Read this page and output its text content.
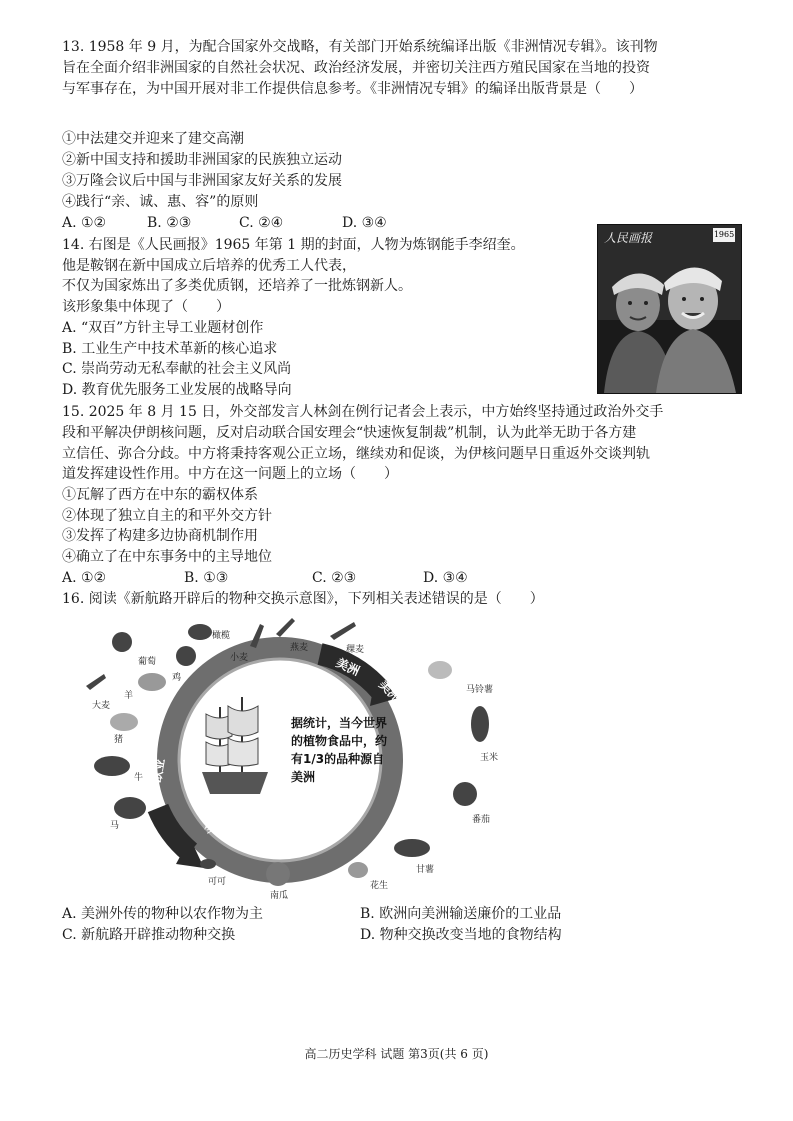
13. 1958 年 9 月，为配合国家外交战略，有关部门开始系统编译出版《非洲情况专辑》。该刊物
旨在全面介绍非洲国家的自然社会状况、政治经济发展，并密切关注西方殖民国家在当地的投资
与军事存在，为中国开展对非工作提供信息参考。《非洲情况专辑》的编译出版背景是（　　）
①中法建交并迎来了建交高潮
②新中国支持和援助非洲国家的民族独立运动
③万隆会议后中国与非洲国家友好关系的发展
④践行“亲、诚、惠、容”的原则
A. ①②	B. ②③	C. ②④	D. ③④
14. 右图是《人民画报》1965 年第 1 期的封面，人物为炼钢能手李绍奎。
他是鞍钢在新中国成立后培养的优秀工人代表，
不仅为国家炼出了多类优质钢，还培养了一批炼钢新人。
该形象集中体现了（　　）
A. “双百”方针主导工业题材创作
B. 工业生产中技术革新的核心追求
C. 崇尚劳动无私奉献的社会主义风尚
D. 教育优先服务工业发展的战略导向
人民画报	1965
15. 2025 年 8 月 15 日，外交部发言人林剑在例行记者会上表示，中方始终坚持通过政治外交手
段和平解决伊朗核问题，反对启动联合国安理会“快速恢复制裁”机制，认为此举无助于各方建
立信任、弥合分歧。中方将秉持客观公正立场，继续劝和促谈，为伊核问题早日重返外交谈判轨
道发挥建设性作用。中方在这一问题上的立场（　　）
①瓦解了西方在中东的霸权体系
②体现了独立自主的和平外交方针
③发挥了构建多边协商机制作用
④确立了在中东事务中的主导地位
A. ①②	B. ①③	C. ②③	D. ③④
16. 阅读《新航路开辟后的物种交换示意图》，下列相关表述错误的是（　　）
美洲
美洲
欧亚
全世界
据统计，当今世界的植物食品中，约有1/3的品种源自美洲
葡萄
橄榄
小麦
燕麦	稞麦
鸡
羊
大麦
猪
牛
马
马铃薯
玉米
番茄
甘薯
花生
南瓜
可可
A. 美洲外传的物种以农作物为主	B. 欧洲向美洲输送廉价的工业品
C. 新航路开辟推动物种交换	D. 物种交换改变当地的食物结构
高二历史学科 试题 第3页(共 6 页)
